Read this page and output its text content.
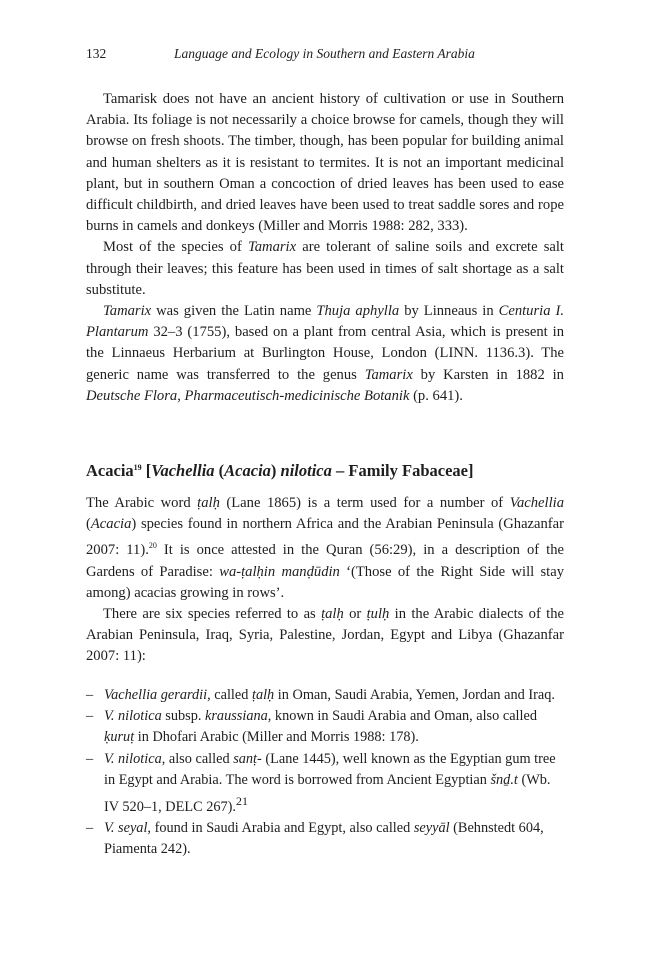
132	Language and Ecology in Southern and Eastern Arabia

Tamarisk does not have an ancient history of cultivation or use in Southern Arabia. Its foliage is not necessarily a choice browse for camels, though they will browse on fresh shoots. The timber, though, has been popular for building animal and human shelters as it is resistant to termites. It is not an important medicinal plant, but in southern Oman a concoction of dried leaves has been used to ease difficult childbirth, and dried leaves have been used to treat saddle sores and rope burns in camels and donkeys (Miller and Morris 1988: 282, 333).

Most of the species of Tamarix are tolerant of saline soils and excrete salt through their leaves; this feature has been used in times of salt shortage as a salt substitute.

Tamarix was given the Latin name Thuja aphylla by Linneaus in Centuria I. Plantarum 32–3 (1755), based on a plant from central Asia, which is present in the Linnaeus Herbarium at Burlington House, London (LINN. 1136.3). The generic name was transferred to the genus Tamarix by Karsten in 1882 in Deutsche Flora, Pharmaceutisch-medicinische Botanik (p. 641).

Acacia$^{19}$ [Vachellia (Acacia) nilotica – Family Fabaceae]

The Arabic word ṭalḥ (Lane 1865) is a term used for a number of Vachellia (Acacia) species found in northern Africa and the Arabian Peninsula (Ghazanfar 2007: 11).$^{20}$ It is once attested in the Quran (56:29), in a description of the Gardens of Paradise: wa-ṭalḥin manḍūdin ‘(Those of the Right Side will stay among) acacias growing in rows’.

There are six species referred to as ṭalḥ or ṭulḥ in the Arabic dialects of the Arabian Peninsula, Iraq, Syria, Palestine, Jordan, Egypt and Libya (Ghazanfar 2007: 11):

– Vachellia gerardii, called ṭalḥ in Oman, Saudi Arabia, Yemen, Jordan and Iraq.
– V. nilotica subsp. kraussiana, known in Saudi Arabia and Oman, also called ḳuruṭ in Dhofari Arabic (Miller and Morris 1988: 178).
– V. nilotica, also called sanṭ- (Lane 1445), well known as the Egyptian gum tree in Egypt and Arabia. The word is borrowed from Ancient Egyptian šnḏ.t (Wb. IV 520–1, DELC 267).$^{21}$
– V. seyal, found in Saudi Arabia and Egypt, also called seyyāl (Behnstedt 604, Piamenta 242).
